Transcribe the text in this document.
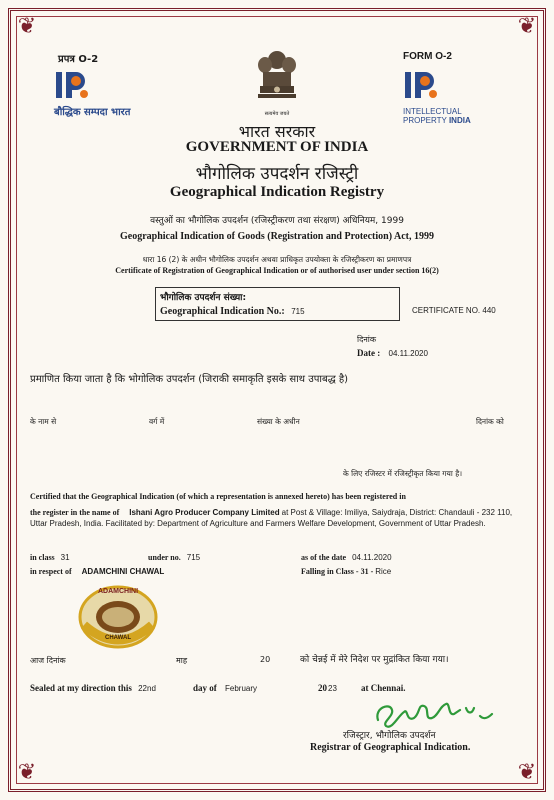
❦	❦
❦	❦
प्रपत्र O-2	FORM O-2
बौद्धिक सम्पदा भारत	INTELLECTUAL
PROPERTY INDIA
सत्यमेव जयते
भारत सरकार
GOVERNMENT OF INDIA
भौगोलिक उपदर्शन रजिस्ट्री
Geographical Indication Registry
वस्तुओं का भौगोलिक उपदर्शन (रजिस्ट्रीकरण तथा संरक्षण) अधिनियम, 1999
Geographical Indication of Goods (Registration and Protection) Act, 1999
धारा 16 (2) के अधीन भौगोलिक उपदर्शन अथवा प्राधिकृत उपयोक्ता के रजिस्ट्रीकरण का प्रमाणपत्र
Certificate of Registration of Geographical Indication or of authorised user under section 16(2)
भौगोलिक उपदर्शन संख्या:
Geographical Indication No.: 715	CERTIFICATE NO. 440
दिनांक
Date : 04.11.2020
प्रमाणित किया जाता है कि भोगोलिक उपदर्शन (जिराकी समाकृति इसके साथ उपाबद्ध है)
के नाम से	वर्ग में	संख्या के अधीन	दिनांक को
के लिए रजिस्टर में रजिस्ट्रीकृत किया गया है।
Certified that the Geographical Indication (of which a representation is annexed hereto) has been registered in
the register in the name of Ishani Agro Producer Company Limited at Post & Village: Imiliya, Saiydraja, District: Chandauli - 232 110,
Uttar Pradesh, India. Facilitated by: Department of Agriculture and Farmers Welfare Development, Government of Uttar Pradesh.
in class 31	under no. 715	as of the date 04.11.2020
in respect of ADAMCHINI CHAWAL	Falling in Class - 31 - Rice
ADAMCHINI
CHAWAL
आज दिनांक	माह	20	को चेन्नई में मेरे निदेश पर मुद्रांकित किया गया।
Sealed at my direction this 22nd	day of February	2023	at Chennai.
रजिस्ट्रार, भौगोलिक उपदर्शन
Registrar of Geographical Indication.
